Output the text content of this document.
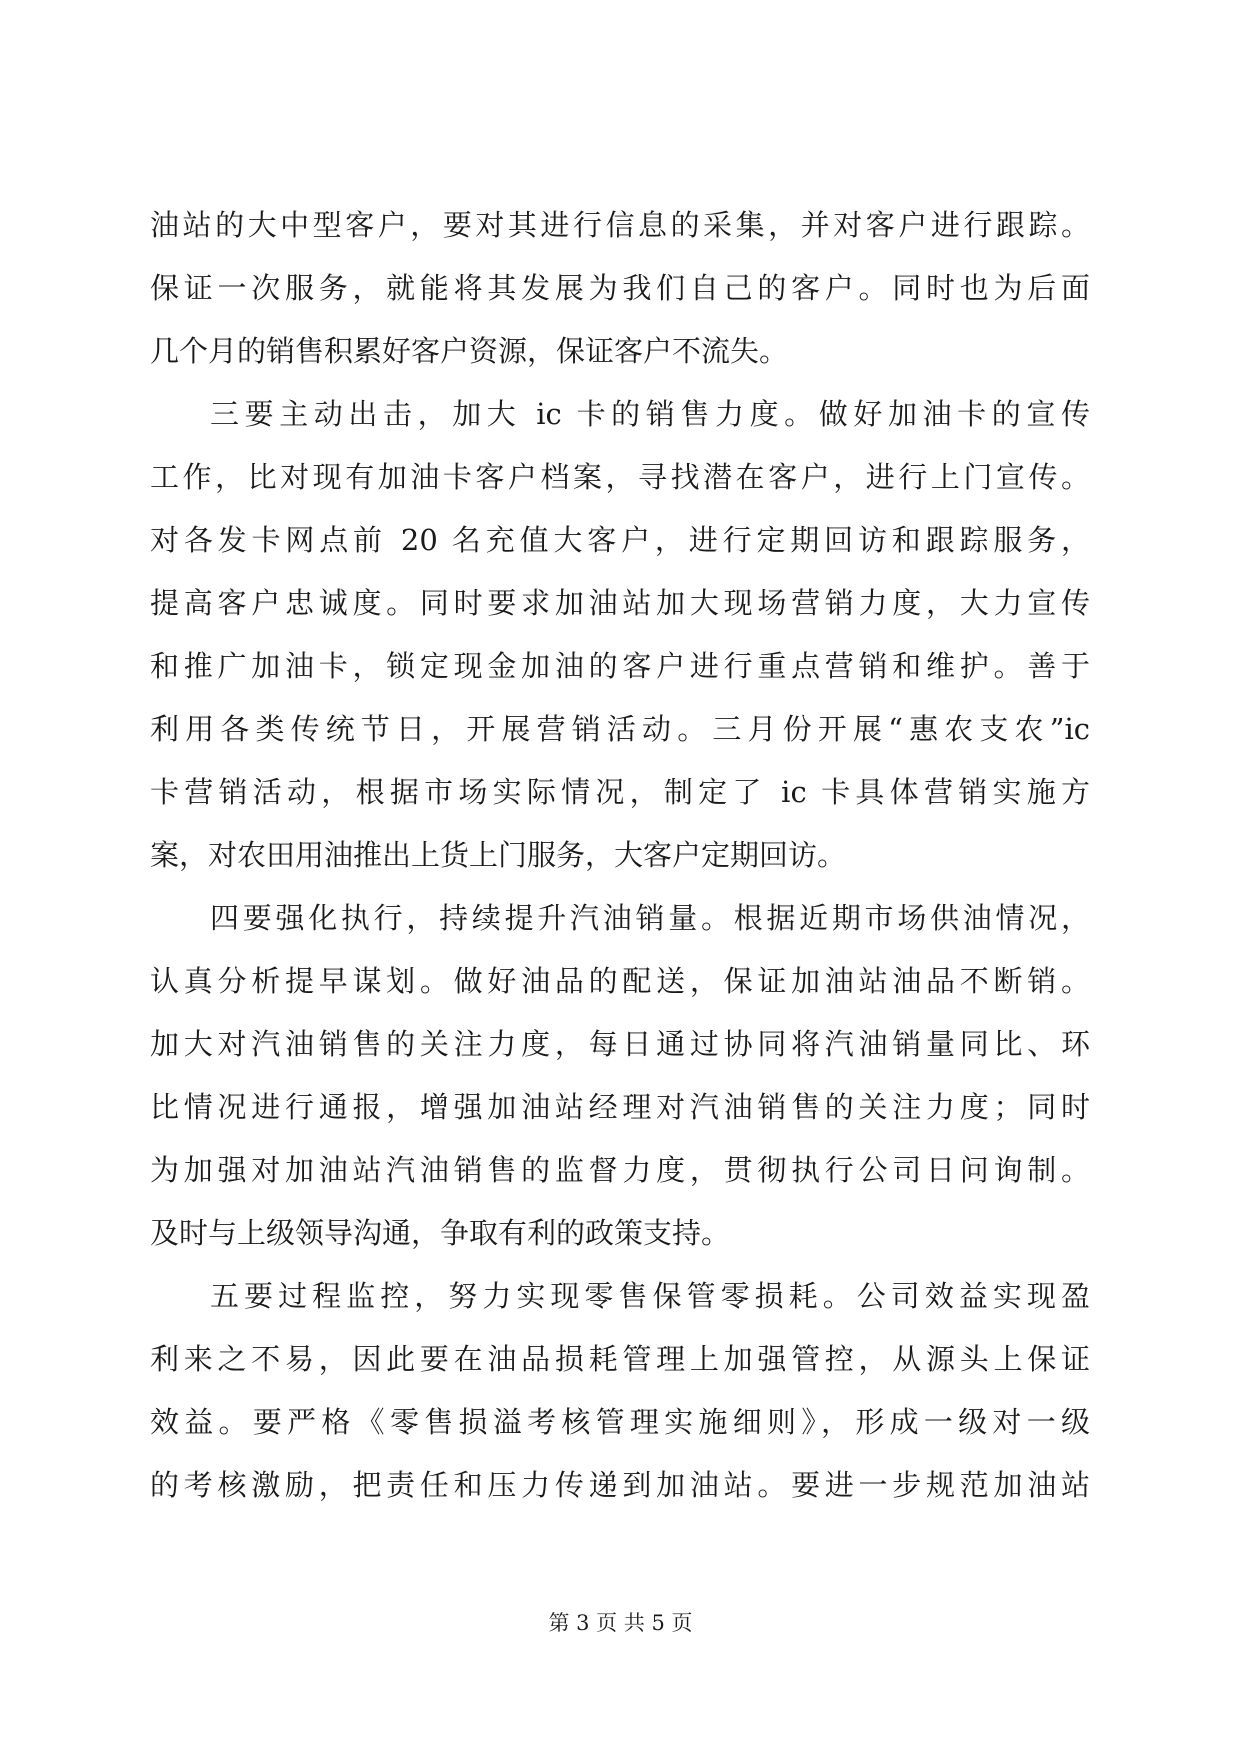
油站的大中型客户，要对其进行信息的采集，并对客户进行跟踪。
保证一次服务，就能将其发展为我们自己的客户。同时也为后面
几个月的销售积累好客户资源，保证客户不流失。
三要主动出击，加大 ic 卡的销售力度。做好加油卡的宣传
工作，比对现有加油卡客户档案，寻找潜在客户，进行上门宣传。
对各发卡网点前 20 名充值大客户，进行定期回访和跟踪服务，
提高客户忠诚度。同时要求加油站加大现场营销力度，大力宣传
和推广加油卡，锁定现金加油的客户进行重点营销和维护。善于
利用各类传统节日，开展营销活动。三月份开展“惠农支农”ic
卡营销活动，根据市场实际情况，制定了 ic 卡具体营销实施方
案，对农田用油推出上货上门服务，大客户定期回访。
四要强化执行，持续提升汽油销量。根据近期市场供油情况，
认真分析提早谋划。做好油品的配送，保证加油站油品不断销。
加大对汽油销售的关注力度，每日通过协同将汽油销量同比、环
比情况进行通报，增强加油站经理对汽油销售的关注力度；同时
为加强对加油站汽油销售的监督力度，贯彻执行公司日问询制。
及时与上级领导沟通，争取有利的政策支持。
五要过程监控，努力实现零售保管零损耗。公司效益实现盈
利来之不易，因此要在油品损耗管理上加强管控，从源头上保证
效益。要严格《零售损溢考核管理实施细则》，形成一级对一级
的考核激励，把责任和压力传递到加油站。要进一步规范加油站
第 3 页 共 5 页
